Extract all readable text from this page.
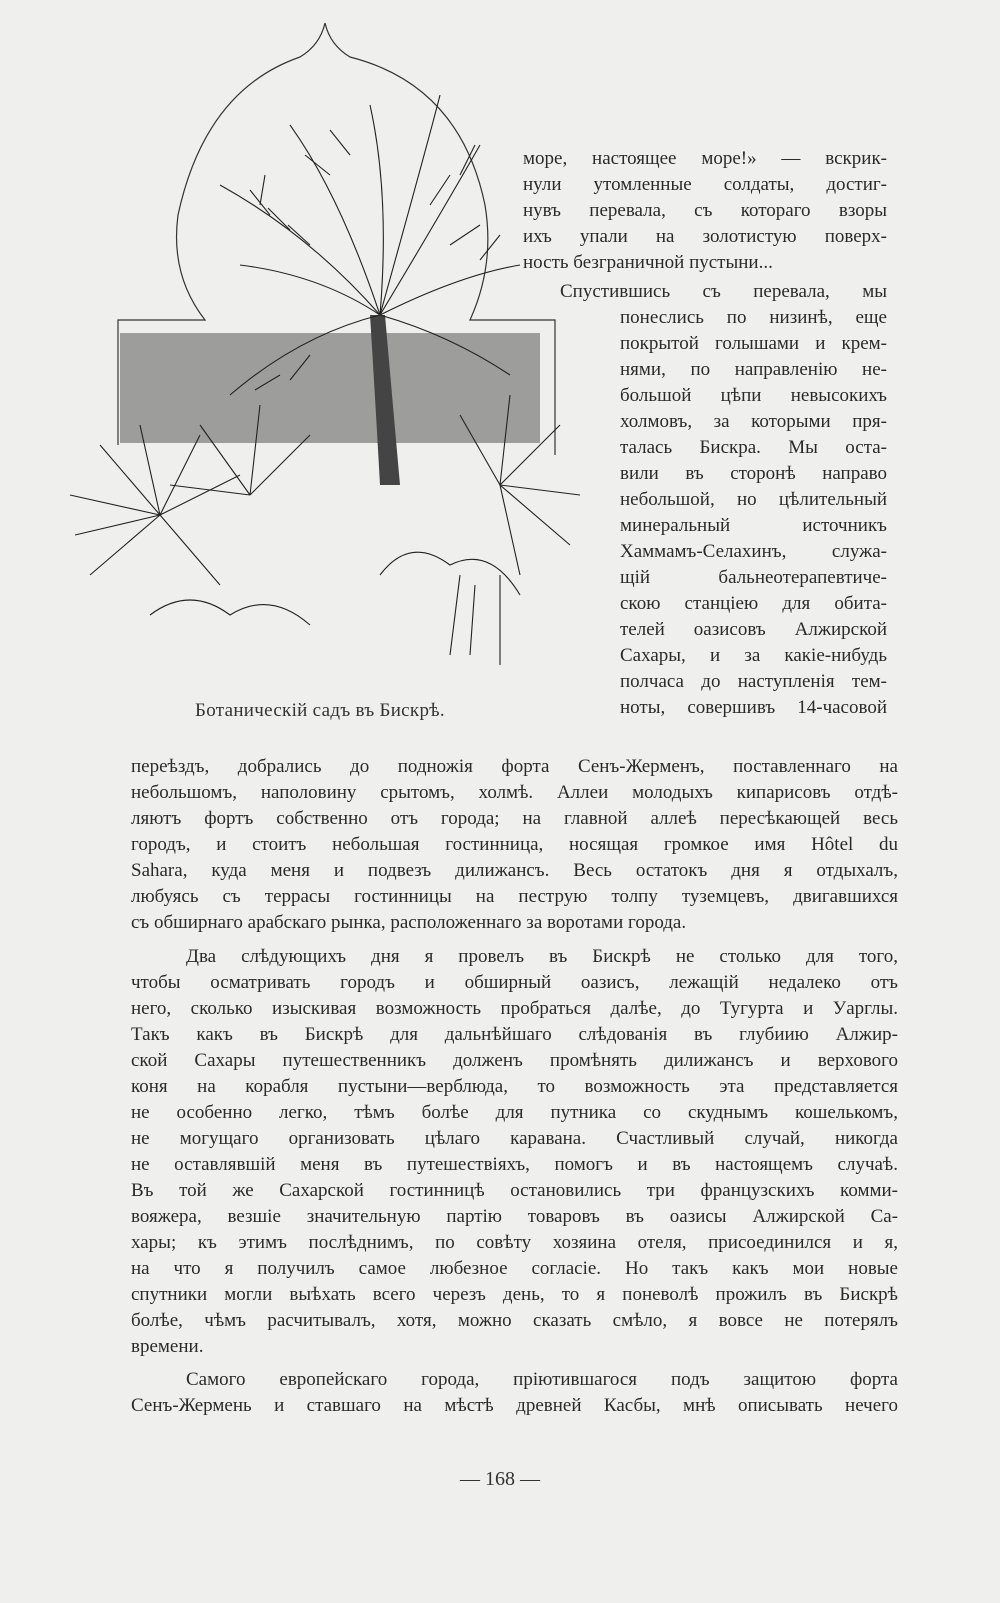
Ботаническій садъ въ Бискрѣ.
море, настоящее море!» — вскрик-
нули утомленные солдаты, достиг-
нувъ перевала, съ котораго взоры
ихъ упали на золотистую поверх-
ность безграничной пустыни...
Спустившись съ перевала, мы
понеслись по низинѣ, еще
покрытой голышами и крем-
нями, по направленію не-
большой цѣпи невысокихъ
холмовъ, за которыми пря-
талась Бискра. Мы оста-
вили въ сторонѣ направо
небольшой, но цѣлительный
минеральный источникъ
Хаммамъ-Селахинъ, служа-
щій бальнеотерапевтиче-
скою станціею для обита-
телей оазисовъ Алжирской
Сахары, и за какіе-нибудь
полчаса до наступленія тем-
ноты, совершивъ 14-часовой
переѣздъ, добрались до подножія форта Сенъ-Жерменъ, поставленнаго на
небольшомъ, наполовину срытомъ, холмѣ. Аллеи молодыхъ кипарисовъ отдѣ-
ляютъ фортъ собственно отъ города; на главной аллеѣ пересѣкающей весь
городъ, и стоитъ небольшая гостинница, носящая громкое имя Hôtel du
Sahara, куда меня и подвезъ дилижансъ. Весь остатокъ дня я отдыхалъ,
любуясь съ террасы гостинницы на пеструю толпу туземцевъ, двигавшихся
съ обширнаго арабскаго рынка, расположеннаго за воротами города.
Два слѣдующихъ дня я провелъ въ Бискрѣ не столько для того,
чтобы осматривать городъ и обширный оазисъ, лежащій недалеко отъ
него, сколько изыскивая возможность пробраться далѣе, до Тугурта и Уарглы.
Такъ какъ въ Бискрѣ для дальнѣйшаго слѣдованія въ глубиию Алжир-
ской Сахары путешественникъ долженъ промѣнять дилижансъ и верхового
коня на корабля пустыни—верблюда, то возможность эта представляется
не особенно легко, тѣмъ болѣе для путника со скуднымъ кошелькомъ,
не могущаго организовать цѣлаго каравана. Счастливый случай, никогда
не оставлявшій меня въ путешествіяхъ, помогъ и въ настоящемъ случаѣ.
Въ той же Сахарской гостинницѣ остановились три французскихъ комми-
вояжера, везшіе значительную партію товаровъ въ оазисы Алжирской Са-
хары; къ этимъ послѣднимъ, по совѣту хозяина отеля, присоединился и я,
на что я получилъ самое любезное согласіе. Но такъ какъ мои новые
спутники могли выѣхать всего черезъ день, то я поневолѣ прожилъ въ Бискрѣ
болѣе, чѣмъ расчитывалъ, хотя, можно сказать смѣло, я вовсе не потерялъ
времени.
Самого европейскаго города, пріютившагося подъ защитою форта
Сенъ-Жермень и ставшаго на мѣстѣ древней Касбы, мнѣ описывать нечего
— 168 —
